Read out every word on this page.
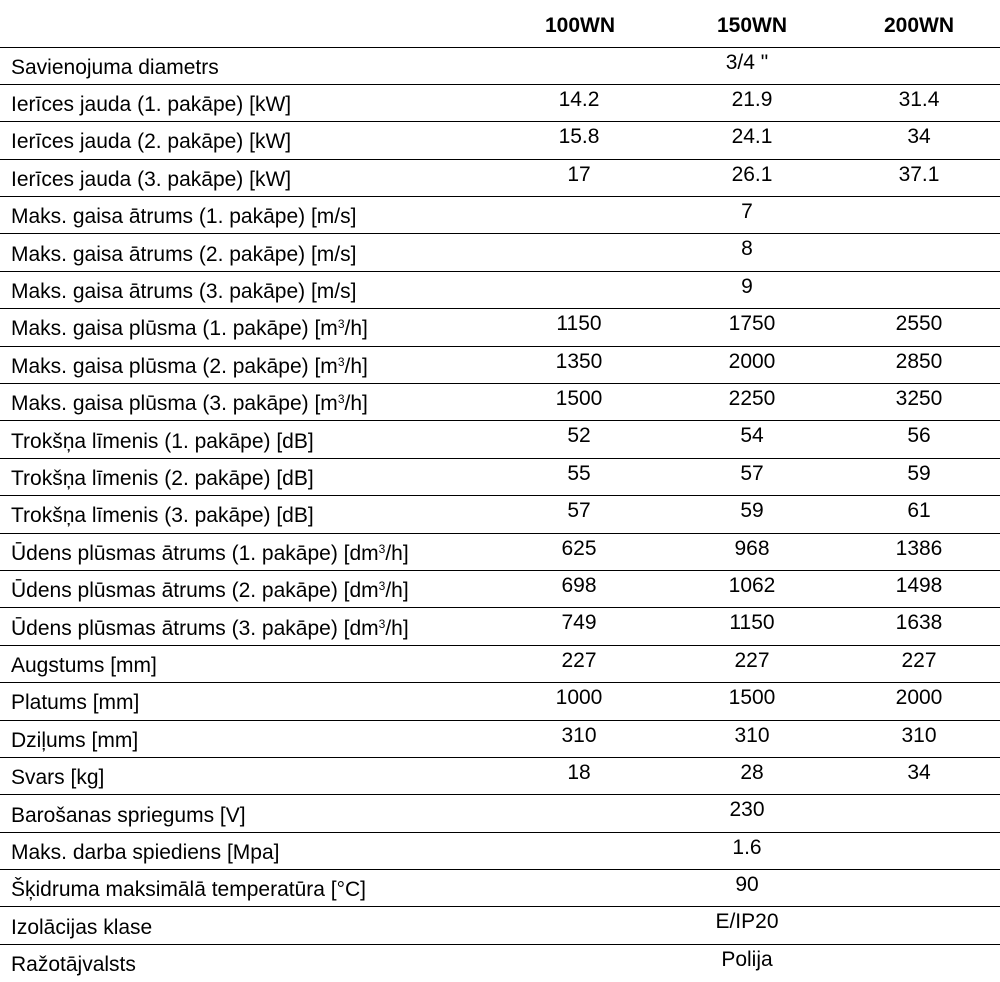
	100WN	150WN	200WN
Savienojuma diametrs	3/4 "		
Ierīces jauda (1. pakāpe) [kW]	14.2	21.9	31.4
Ierīces jauda (2. pakāpe) [kW]	15.8	24.1	34
Ierīces jauda (3. pakāpe) [kW]	17	26.1	37.1
Maks. gaisa ātrums (1. pakāpe) [m/s]	7		
Maks. gaisa ātrums (2. pakāpe) [m/s]	8		
Maks. gaisa ātrums (3. pakāpe) [m/s]	9		
Maks. gaisa plūsma (1. pakāpe) $[m^3/h]$	1150	1750	2550
Maks. gaisa plūsma (2. pakāpe) $[m^3/h]$	1350	2000	2850
Maks. gaisa plūsma (3. pakāpe) $[m^3/h]$	1500	2250	3250
Trokšņa līmenis (1. pakāpe) [dB]	52	54	56
Trokšņa līmenis (2. pakāpe) [dB]	55	57	59
Trokšņa līmenis (3. pakāpe) [dB]	57	59	61
Ūdens plūsmas ātrums (1. pakāpe) $[dm^3/h]$	625	968	1386
Ūdens plūsmas ātrums (2. pakāpe) $[dm^3/h]$	698	1062	1498
Ūdens plūsmas ātrums (3. pakāpe) $[dm^3/h]$	749	1150	1638
Augstums [mm]	227	227	227
Platums [mm]	1000	1500	2000
Dziļums [mm]	310	310	310
Svars [kg]	18	28	34
Barošanas spriegums [V]	230		
Maks. darba spiediens [Mpa]	1.6		
Šķidruma maksimālā temperatūra [°C]	90		
Izolācijas klase	E/IP20		
Ražotājvalsts	Polija		
